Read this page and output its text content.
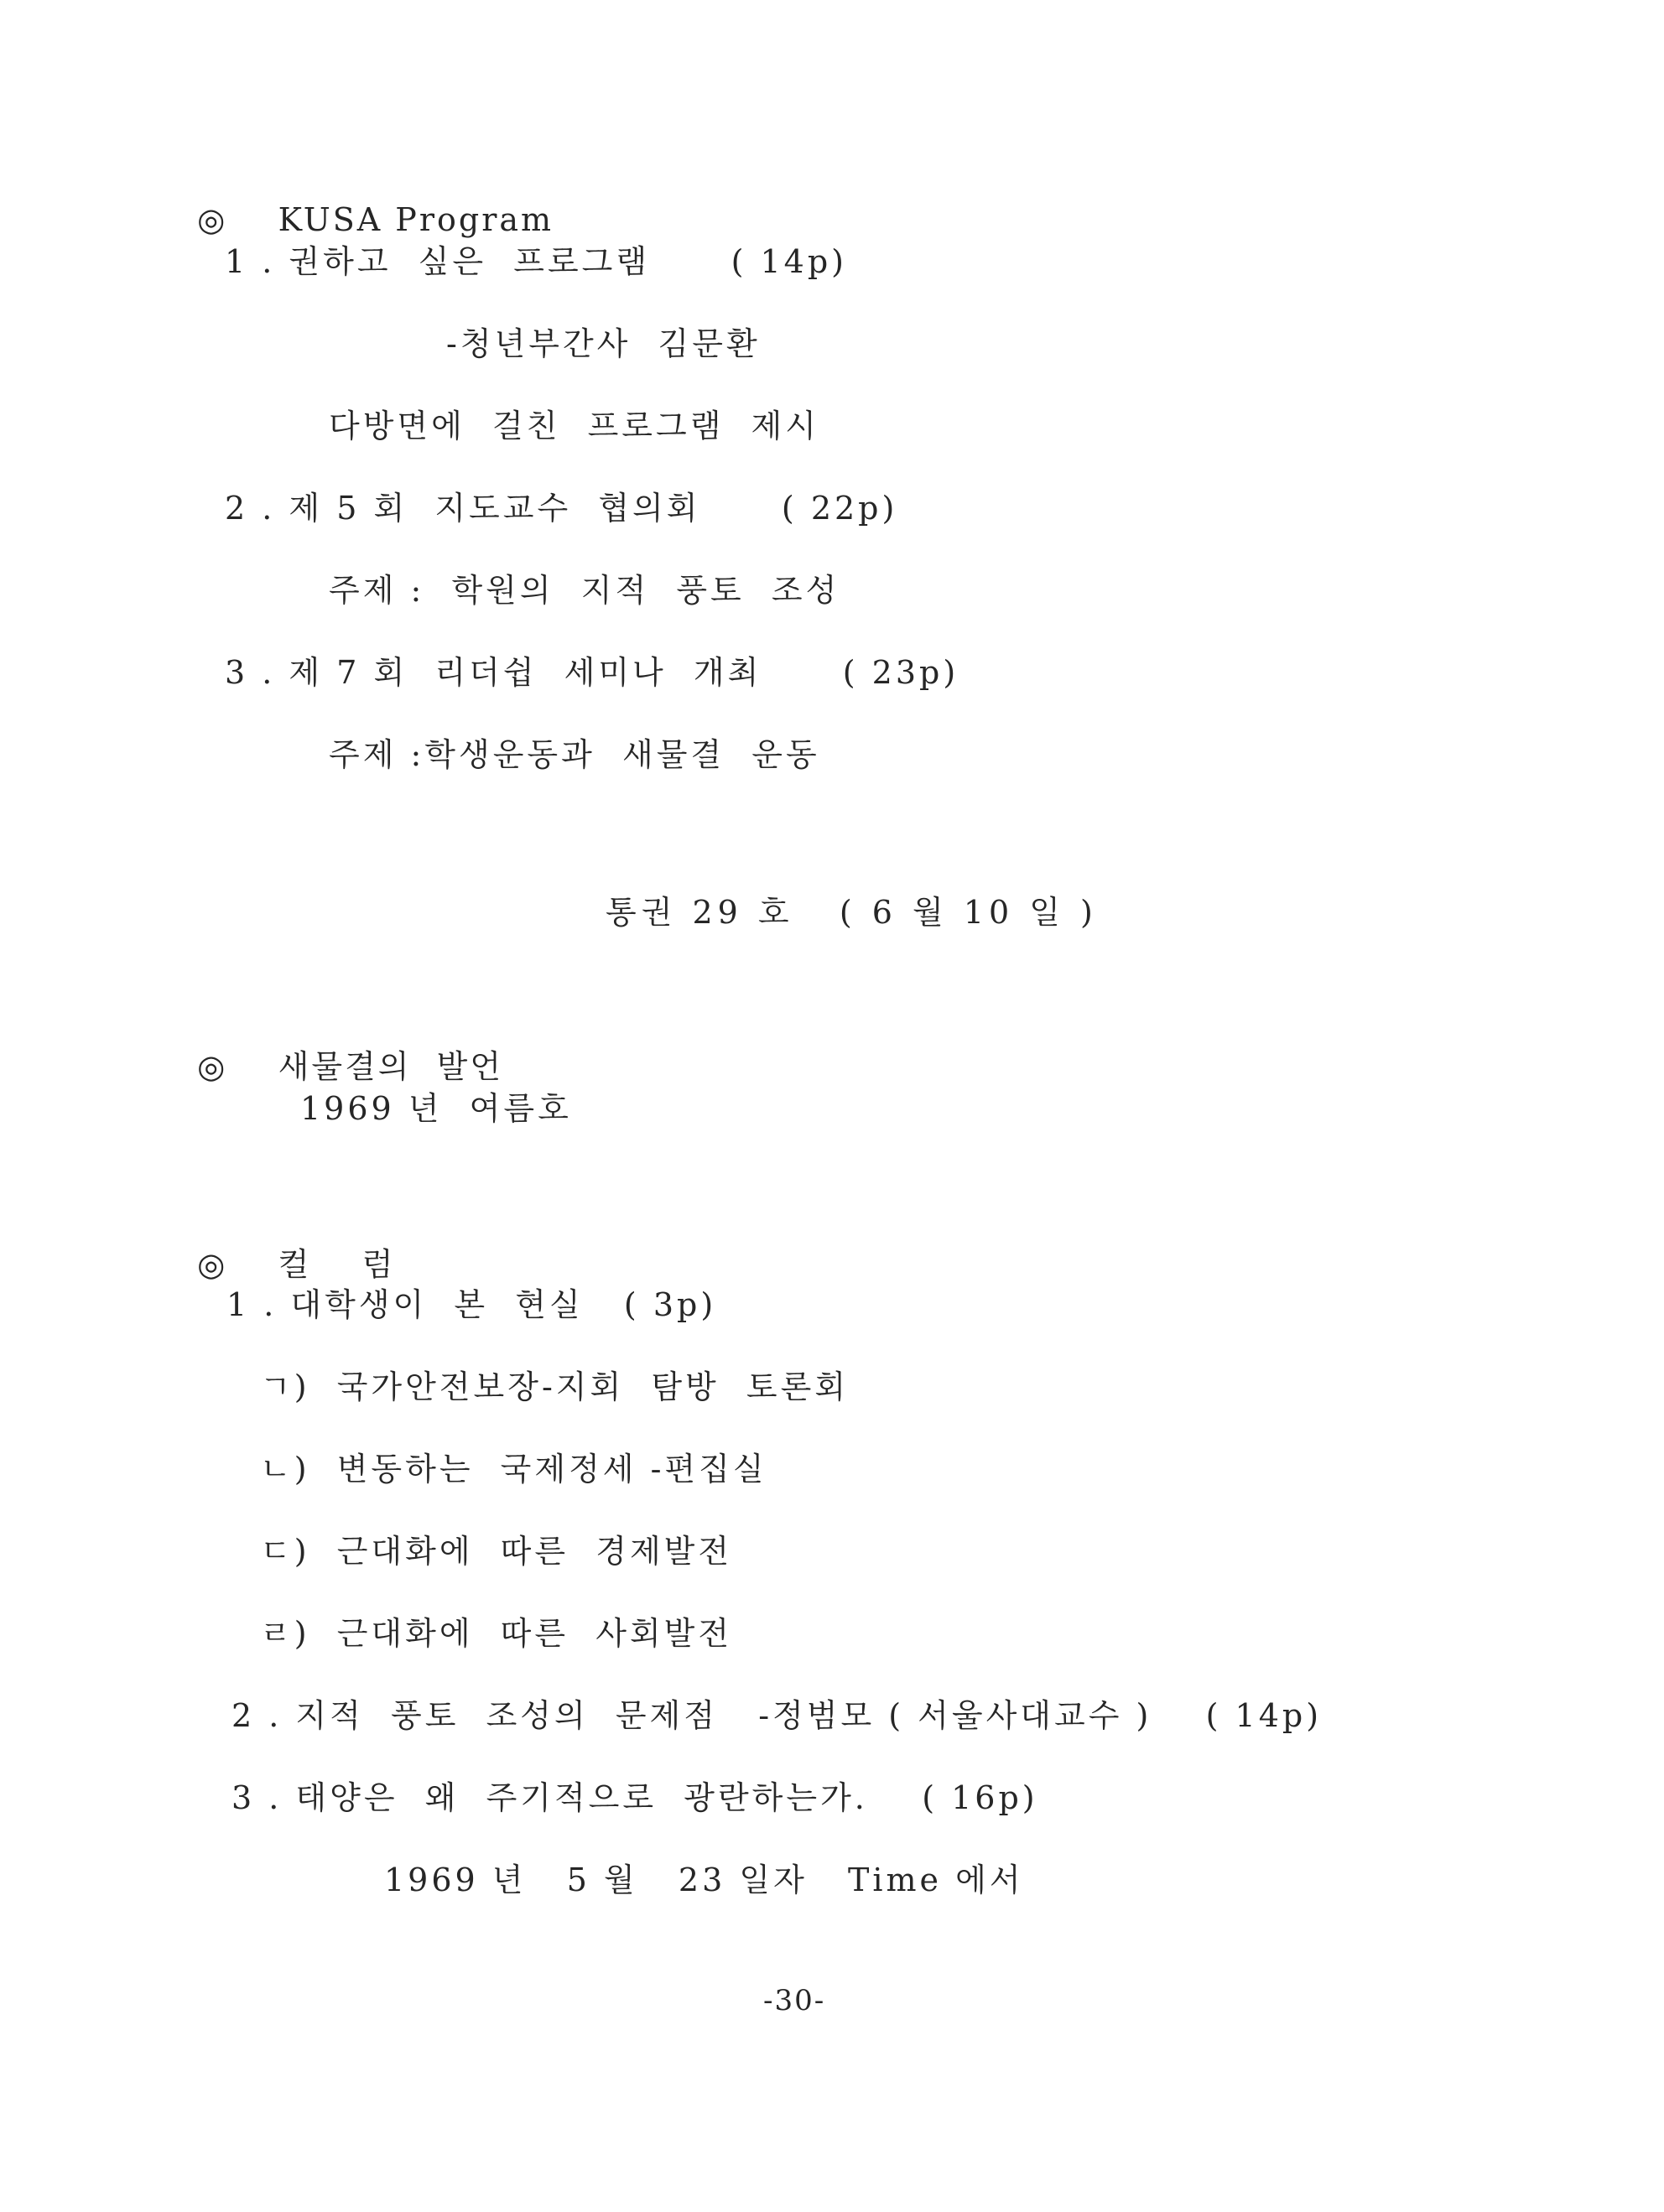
◎ KUSA Program

1 . 권하고  싶은  프로그램      ( 14p)
-청년부간사  김문환
다방면에  걸친  프로그램  제시
2 . 제 5 회  지도교수  협의회      ( 22p)
주제 :  학원의  지적  풍토  조성
3 . 제 7 회  리더쉽  세미나  개최      ( 23p)
주제 :학생운동과  새물결  운동
통권 29 호   ( 6 월 10 일 )

◎ 새물결의  발언

1969 년  여름호

◎ 컬    럼

1 . 대학생이  본  현실   ( 3p)
ㄱ)  국가안전보장-지회  탐방  토론회
ㄴ)  변동하는  국제정세 -편집실
ㄷ)  근대화에  따른  경제발전
ㄹ)  근대화에  따른  사회발전
2 . 지적  풍토  조성의  문제점   -정범모 ( 서울사대교수 )    ( 14p)
3 . 태양은  왜  주기적으로  광란하는가.    ( 16p)
1969 년   5 월   23 일자   Time 에서
-30-
